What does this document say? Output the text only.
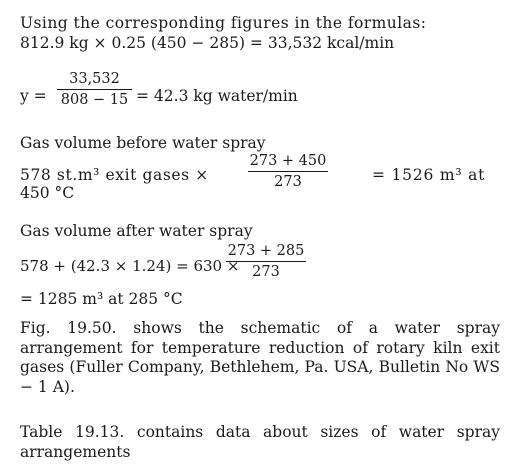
Using the corresponding figures in the formulas:
812.9 kg × 0.25 (450 − 285) = 33,532 kcal/min
y =
33,532
808 − 15 = 42.3 kg water/min
Gas volume before water spray
578 st.m³ exit gases ×
273 + 450
273	= 1526 m³ at
450 °C
Gas volume after water spray
578 + (42.3 × 1.24) = 630 ×
273 + 285
273
= 1285 m³ at 285 °C
Fig. 19.50. shows the schematic of a water spray arrangement for temperature reduction of rotary kiln exit gases (Fuller Company, Bethlehem, Pa. USA, Bulletin No WS − 1 A).
Table 19.13. contains data about sizes of water spray arrangements
